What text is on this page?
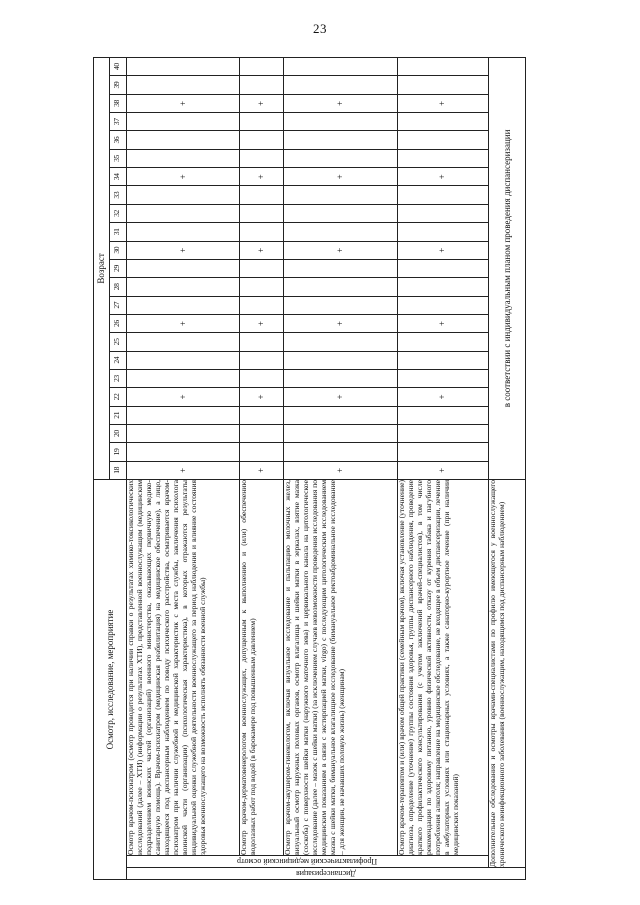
23
Осмотр, исследование, мероприятие			Возраст																						
			18	19	20	21	22	23	24	25	26	27	28	29	30	31	32	33	34	35	36	37	38	39	40

Диспансеризация	Профилактический медицинский осмотр	Осмотр врачом-психиатром (осмотр проводится при наличии справки о результатах химико-токсикологических исследований (далее – ХТИ) (информации о результатах ХТИ), представленной военнослужащим (медицинским подразделением воинских частей (организаций) военного министерства, оказывающих первичную медико-санитарную помощь). Врачом-психиатром (медицинская реабилитация) на медицинское обеспечение), а лицо, находящееся под диспансерным наблюдением по поводу психического расстройства, осматривается врачом-психиатром при наличии служебной и медицинской характеристик с места службы, заключения психолога воинской части (организации) (психологическая характеристика), в которых отражаются результаты индивидуальной оценки служебной деятельности военнослужащего за период наблюдения и влияние состояния здоровья военнослужащего на возможность исполнять обязанности военной службы)	+				+				+				+				+				+		
		Осмотр врачом-дерматовенерологом военнослужащих, допущенным к выполнению и (или) обеспечению водолазных работ под водой (в барокамере под повышенным давлением)	+				+				+				+				+				+		
		Осмотр врачом-акушером-гинекологом, включая визуальное исследование и пальпацию молочных желез, визуальный осмотр наружных половых органов, осмотр влагалища и шейки матки в зеркалах, взятие мазка (соскоба) с поверхности шейки матки (наружного маточного зева) и цервикального канала на цитологическое исследование (далее – мазок с шейки матки) (за исключением случаев невозможности проведения исследования по медицинским показаниям в связи с экстирпацией матки, virgo) с последующим цитологическим исследованием мазка с шейки матки, бимануальное влагалищное исследование (бимануальное ректоабдоминальное исследование – для женщин, не начавших половую жизнь) (женщинам)	+				+				+				+				+				+		
		Осмотр врачом-терапевтом и (или) врачом общей практики (семейным врачом), включая установление (уточнение) диагноза, определение (уточнение) группы состояния здоровья, группы диспансерного наблюдения, проведение краткого профилактического консультирования (с учетом заключений врачей-специалистов), в том числе рекомендации по здоровому питанию, уровню физической активности, отказу от курения табака и пагубного потребления алкоголя; направление на медицинское обследование, не входящее в объем диспансеризации, лечение в амбулаторных условиях или стационарных условиях, а также санаторно-курортное лечение (при наличии медицинских показаний)	+				+				+				+				+				+		
	Дополнительные обследования и осмотры врачами-специалистами по профилю имеющегося у военнослужащего хронического неинфекционного заболевания (военнослужащим, находящимся под диспансерным наблюдением)		в соответствии с индивидуальным планом проведения диспансеризации																						
